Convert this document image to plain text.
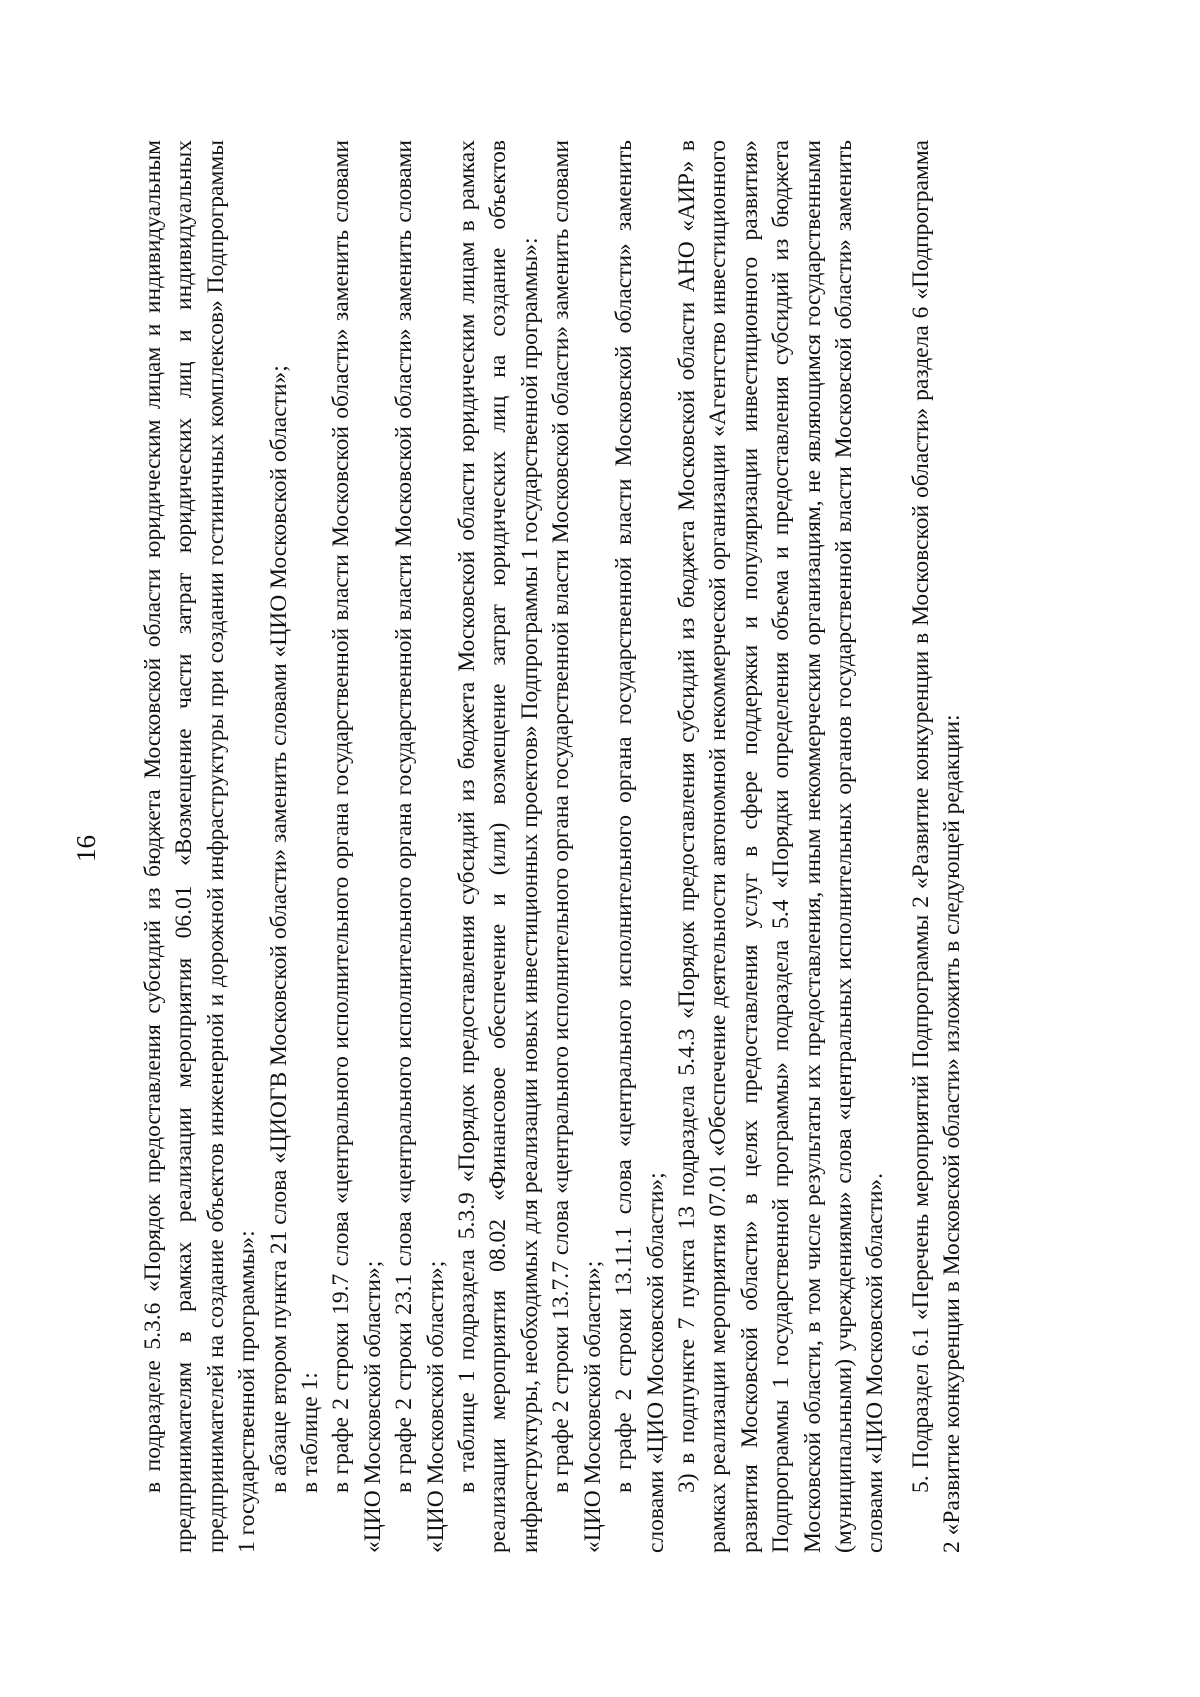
16 в подразделе 5.3.6 «Порядок предоставления субсидий из бюджета Московской области юридическим лицам и индивидуальным предпринимателям в рамках реализации мероприятия 06.01 «Возмещение части затрат юридических лиц и индивидуальных предпринимателей на создание объектов инженерной и дорожной инфраструктуры при создании гостиничных комплексов» Подпрограммы 1 государственной программы»: в абзаце втором пункта 21 слова «ЦИОГВ Московской области» заменить словами «ЦИО Московской области»; в таблице 1: в графе 2 строки 19.7 слова «центрального исполнительного органа государственной власти Московской области» заменить словами «ЦИО Московской области»; в графе 2 строки 23.1 слова «центрального исполнительного органа государственной власти Московской области» заменить словами «ЦИО Московской области»; в таблице 1 подраздела 5.3.9 «Порядок предоставления субсидий из бюджета Московской области юридическим лицам в рамках реализации мероприятия 08.02 «Финансовое обеспечение и (или) возмещение затрат юридических лиц на создание объектов инфраструктуры, необходимых для реализации новых инвестиционных проектов» Подпрограммы 1 государственной программы»: в графе 2 строки 13.7.7 слова «центрального исполнительного органа государственной власти Московской области» заменить словами «ЦИО Московской области»; в графе 2 строки 13.11.1 слова «центрального исполнительного органа государственной власти Московской области» заменить словами «ЦИО Московской области»; 3) в подпункте 7 пункта 13 подраздела 5.4.3 «Порядок предоставления субсидий из бюджета Московской области АНО «АИР» в рамках реализации мероприятия 07.01 «Обеспечение деятельности автономной некоммерческой организации «Агентство инвестиционного развития Московской области» в целях предоставления услуг в сфере поддержки и популяризации инвестиционного развития» Подпрограммы 1 государственной программы» подраздела 5.4 «Порядки определения объема и предоставления субсидий из бюджета Московской области, в том числе результаты их предоставления, иным некоммерческим организациям, не являющимся государственными (муниципальными) учреждениями» слова «центральных исполнительных органов государственной власти Московской области» заменить словами «ЦИО Московской области». 5. Подраздел 6.1 «Перечень мероприятий Подпрограммы 2 «Развитие конкуренции в Московской области» раздела 6 «Подпрограмма 2 «Развитие конкуренции в Московской области» изложить в следующей редакции:
